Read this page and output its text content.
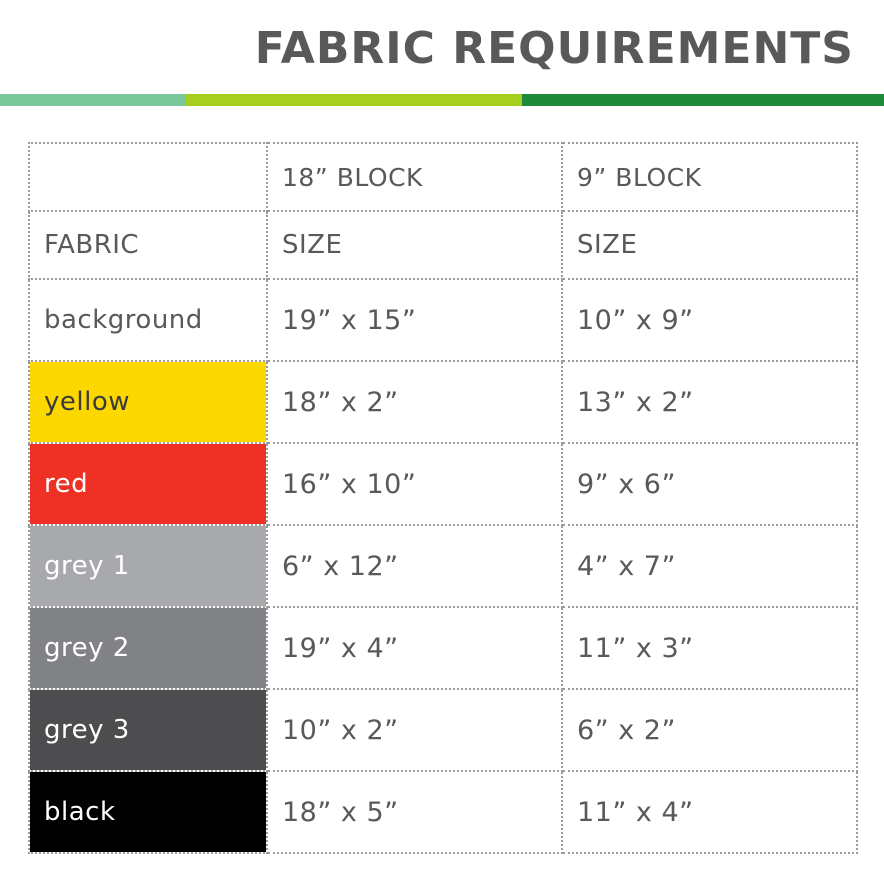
FABRIC REQUIREMENTS

	18” BLOCK	9” BLOCK

FABRIC	SIZE	SIZE

background	19” x 15”	10” x 9”

yellow	18” x 2”	13” x 2”

red	16” x 10”	9” x 6”

grey 1	6” x 12”	4” x 7”

grey 2	19” x 4”	11” x 3”

grey 3	10” x 2”	6” x 2”

black	18” x 5”	11” x 4”
